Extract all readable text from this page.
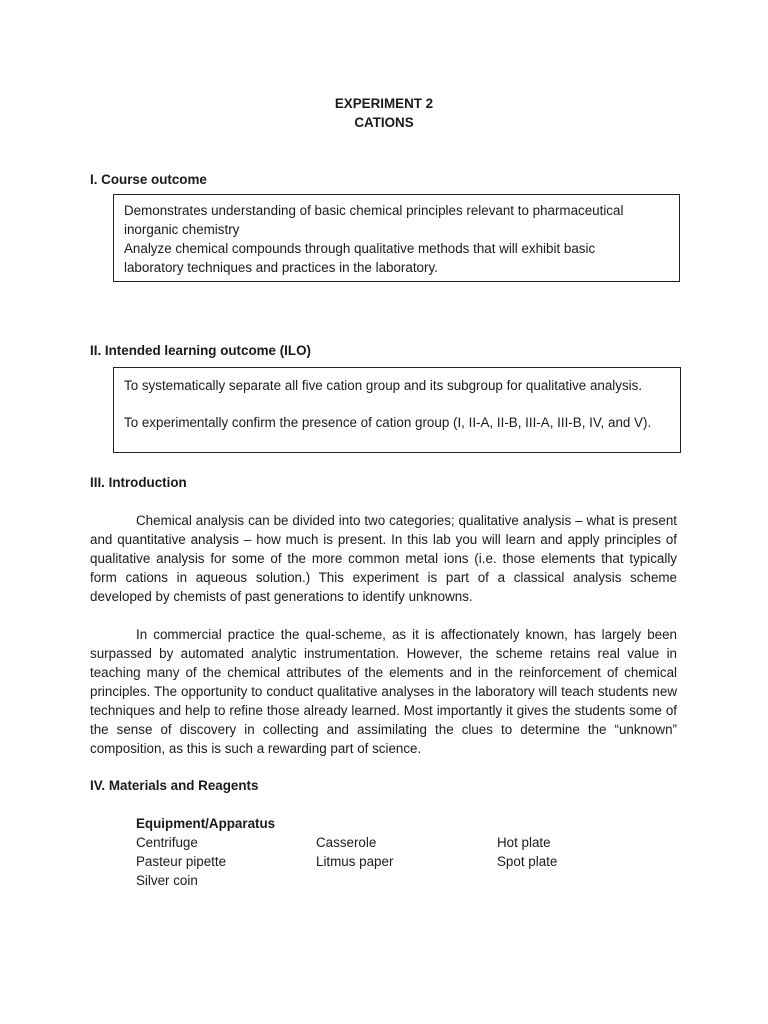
EXPERIMENT 2
CATIONS
I. Course outcome

Demonstrates understanding of basic chemical principles relevant to pharmaceutical

inorganic chemistry

Analyze chemical compounds through qualitative methods that will exhibit basic

laboratory techniques and practices in the laboratory.

II. Intended learning outcome (ILO)

To systematically separate all five cation group and its subgroup for qualitative analysis.

To experimentally confirm the presence of cation group (I, II-A, II-B, III-A, III-B, IV, and V).

III. Introduction

Chemical analysis can be divided into two categories; qualitative analysis – what is present and quantitative analysis – how much is present. In this lab you will learn and apply principles of qualitative analysis for some of the more common metal ions (i.e. those elements that typically form cations in aqueous solution.) This experiment is part of a classical analysis scheme developed by chemists of past generations to identify unknowns.

In commercial practice the qual-scheme, as it is affectionately known, has largely been surpassed by automated analytic instrumentation. However, the scheme retains real value in teaching many of the chemical attributes of the elements and in the reinforcement of chemical principles. The opportunity to conduct qualitative analyses in the laboratory will teach students new techniques and help to refine those already learned. Most importantly it gives the students some of the sense of discovery in collecting and assimilating the clues to determine the “unknown” composition, as this is such a rewarding part of science.

IV. Materials and Reagents
Equipment/Apparatus
Centrifuge
Pasteur pipette
Silver coin
Casserole
Litmus paper
Hot plate
Spot plate
